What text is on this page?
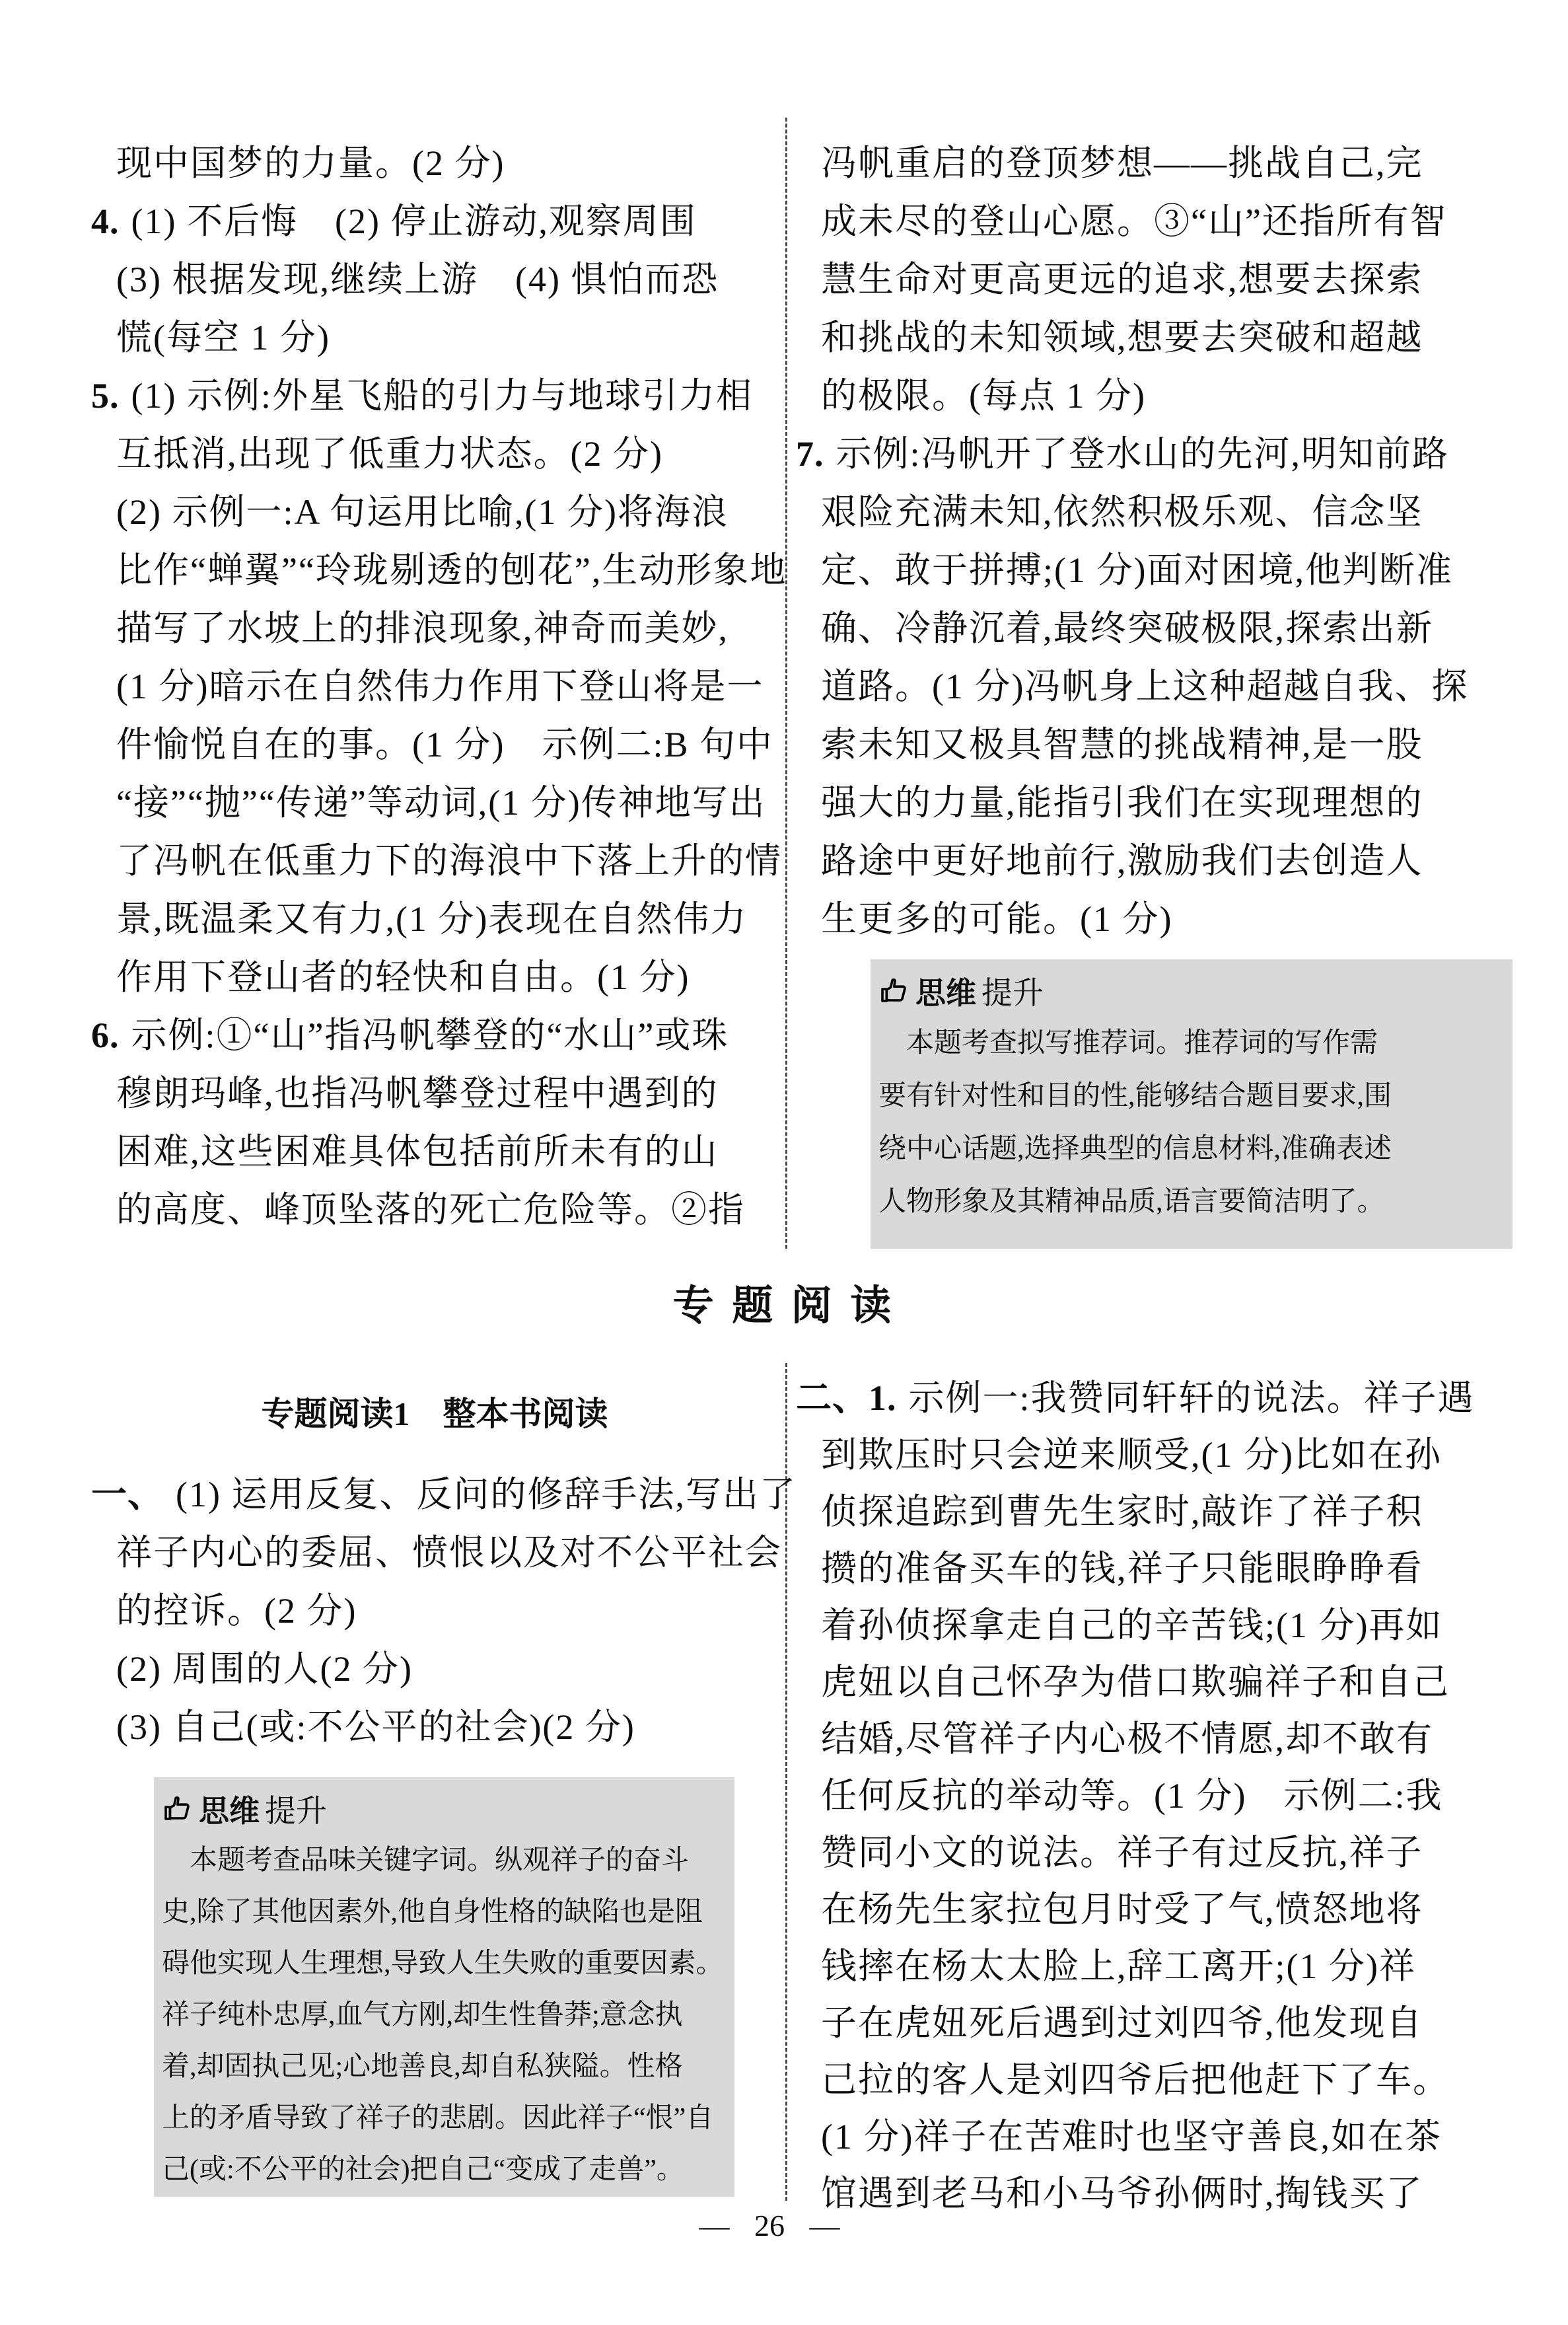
现中国梦的力量。(2 分)
4. (1) 不后悔　(2) 停止游动,观察周围
(3) 根据发现,继续上游　(4) 惧怕而恐
慌(每空 1 分)
5. (1) 示例:外星飞船的引力与地球引力相
互抵消,出现了低重力状态。(2 分)
(2) 示例一:A 句运用比喻,(1 分)将海浪
比作“蝉翼”“玲珑剔透的刨花”,生动形象地
描写了水坡上的排浪现象,神奇而美妙,
(1 分)暗示在自然伟力作用下登山将是一
件愉悦自在的事。(1 分)　示例二:B 句中
“接”“抛”“传递”等动词,(1 分)传神地写出
了冯帆在低重力下的海浪中下落上升的情
景,既温柔又有力,(1 分)表现在自然伟力
作用下登山者的轻快和自由。(1 分)
6. 示例:①“山”指冯帆攀登的“水山”或珠
穆朗玛峰,也指冯帆攀登过程中遇到的
困难,这些困难具体包括前所未有的山
的高度、峰顶坠落的死亡危险等。②指
冯帆重启的登顶梦想——挑战自己,完
成未尽的登山心愿。③“山”还指所有智
慧生命对更高更远的追求,想要去探索
和挑战的未知领域,想要去突破和超越
的极限。(每点 1 分)
7. 示例:冯帆开了登水山的先河,明知前路
艰险充满未知,依然积极乐观、信念坚
定、敢于拼搏;(1 分)面对困境,他判断准
确、冷静沉着,最终突破极限,探索出新
道路。(1 分)冯帆身上这种超越自我、探
索未知又极具智慧的挑战精神,是一股
强大的力量,能指引我们在实现理想的
路途中更好地前行,激励我们去创造人
生更多的可能。(1 分)
思维 提升
本题考查拟写推荐词。推荐词的写作需
要有针对性和目的性,能够结合题目要求,围
绕中心话题,选择典型的信息材料,准确表述
人物形象及其精神品质,语言要简洁明了。
专 题 阅 读
专题阅读1　整本书阅读
一、 (1) 运用反复、反问的修辞手法,写出了
祥子内心的委屈、愤恨以及对不公平社会
的控诉。(2 分)
(2) 周围的人(2 分)
(3) 自己(或:不公平的社会)(2 分)
思维 提升
本题考查品味关键字词。纵观祥子的奋斗
史,除了其他因素外,他自身性格的缺陷也是阻
碍他实现人生理想,导致人生失败的重要因素。
祥子纯朴忠厚,血气方刚,却生性鲁莽;意念执
着,却固执己见;心地善良,却自私狭隘。性格
上的矛盾导致了祥子的悲剧。因此祥子“恨”自
己(或:不公平的社会)把自己“变成了走兽”。
二、1. 示例一:我赞同轩轩的说法。祥子遇
到欺压时只会逆来顺受,(1 分)比如在孙
侦探追踪到曹先生家时,敲诈了祥子积
攒的准备买车的钱,祥子只能眼睁睁看
着孙侦探拿走自己的辛苦钱;(1 分)再如
虎妞以自己怀孕为借口欺骗祥子和自己
结婚,尽管祥子内心极不情愿,却不敢有
任何反抗的举动等。(1 分)　示例二:我
赞同小文的说法。祥子有过反抗,祥子
在杨先生家拉包月时受了气,愤怒地将
钱摔在杨太太脸上,辞工离开;(1 分)祥
子在虎妞死后遇到过刘四爷,他发现自
己拉的客人是刘四爷后把他赶下了车。
(1 分)祥子在苦难时也坚守善良,如在茶
馆遇到老马和小马爷孙俩时,掏钱买了
— 26 —
